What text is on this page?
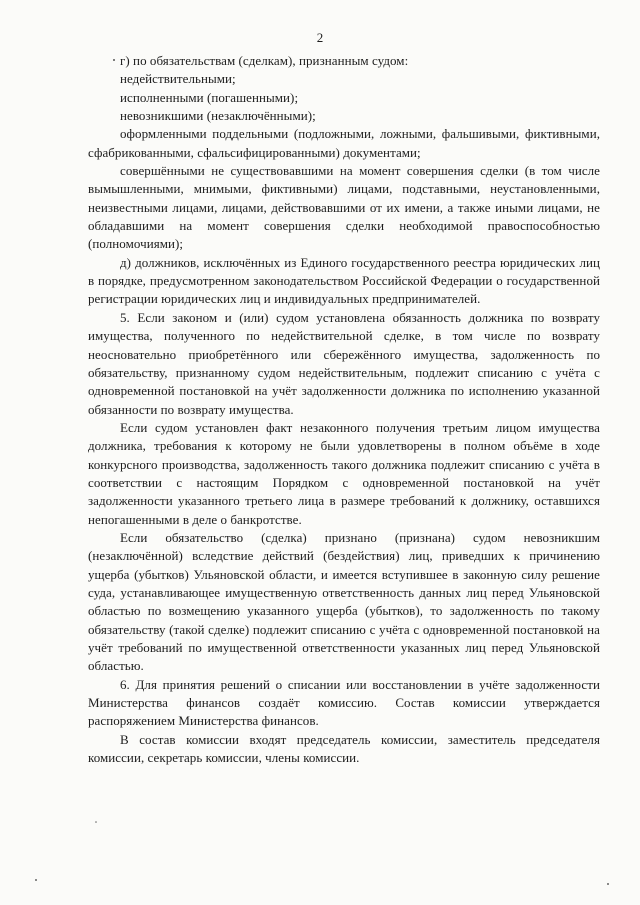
2

г) по обязательствам (сделкам), признанным судом:

недействительными;

исполненными (погашенными);

невозникшими (незаключёнными);

оформленными поддельными (подложными, ложными, фальшивыми, фиктивными, сфабрикованными, сфальсифицированными) документами;

совершёнными не существовавшими на момент совершения сделки (в том числе вымышленными, мнимыми, фиктивными) лицами, подставными, неустановленными, неизвестными лицами, лицами, действовавшими от их имени, а также иными лицами, не обладавшими на момент совершения сделки необходимой правоспособностью (полномочиями);

д) должников, исключённых из Единого государственного реестра юридических лиц в порядке, предусмотренном законодательством Российской Федерации о государственной регистрации юридических лиц и индивидуальных предпринимателей.

5. Если законом и (или) судом установлена обязанность должника по возврату имущества, полученного по недействительной сделке, в том числе по возврату неосновательно приобретённого или сбережённого имущества, задолженность по обязательству, признанному судом недействительным, подлежит списанию с учёта с одновременной постановкой на учёт задолженности должника по исполнению указанной обязанности по возврату имущества.

Если судом установлен факт незаконного получения третьим лицом имущества должника, требования к которому не были удовлетворены в полном объёме в ходе конкурсного производства, задолженность такого должника подлежит списанию с учёта в соответствии с настоящим Порядком с одновременной постановкой на учёт задолженности указанного третьего лица в размере требований к должнику, оставшихся непогашенными в деле о банкротстве.

Если обязательство (сделка) признано (признана) судом невозникшим (незаключённой) вследствие действий (бездействия) лиц, приведших к причинению ущерба (убытков) Ульяновской области, и имеется вступившее в законную силу решение суда, устанавливающее имущественную ответственность данных лиц перед Ульяновской областью по возмещению указанного ущерба (убытков), то задолженность по такому обязательству (такой сделке) подлежит списанию с учёта с одновременной постановкой на учёт требований по имущественной ответственности указанных лиц перед Ульяновской областью.

6. Для принятия решений о списании или восстановлении в учёте задолженности Министерства финансов создаёт комиссию. Состав комиссии утверждается распоряжением Министерства финансов.

В состав комиссии входят председатель комиссии, заместитель председателя комиссии, секретарь комиссии, члены комиссии.
